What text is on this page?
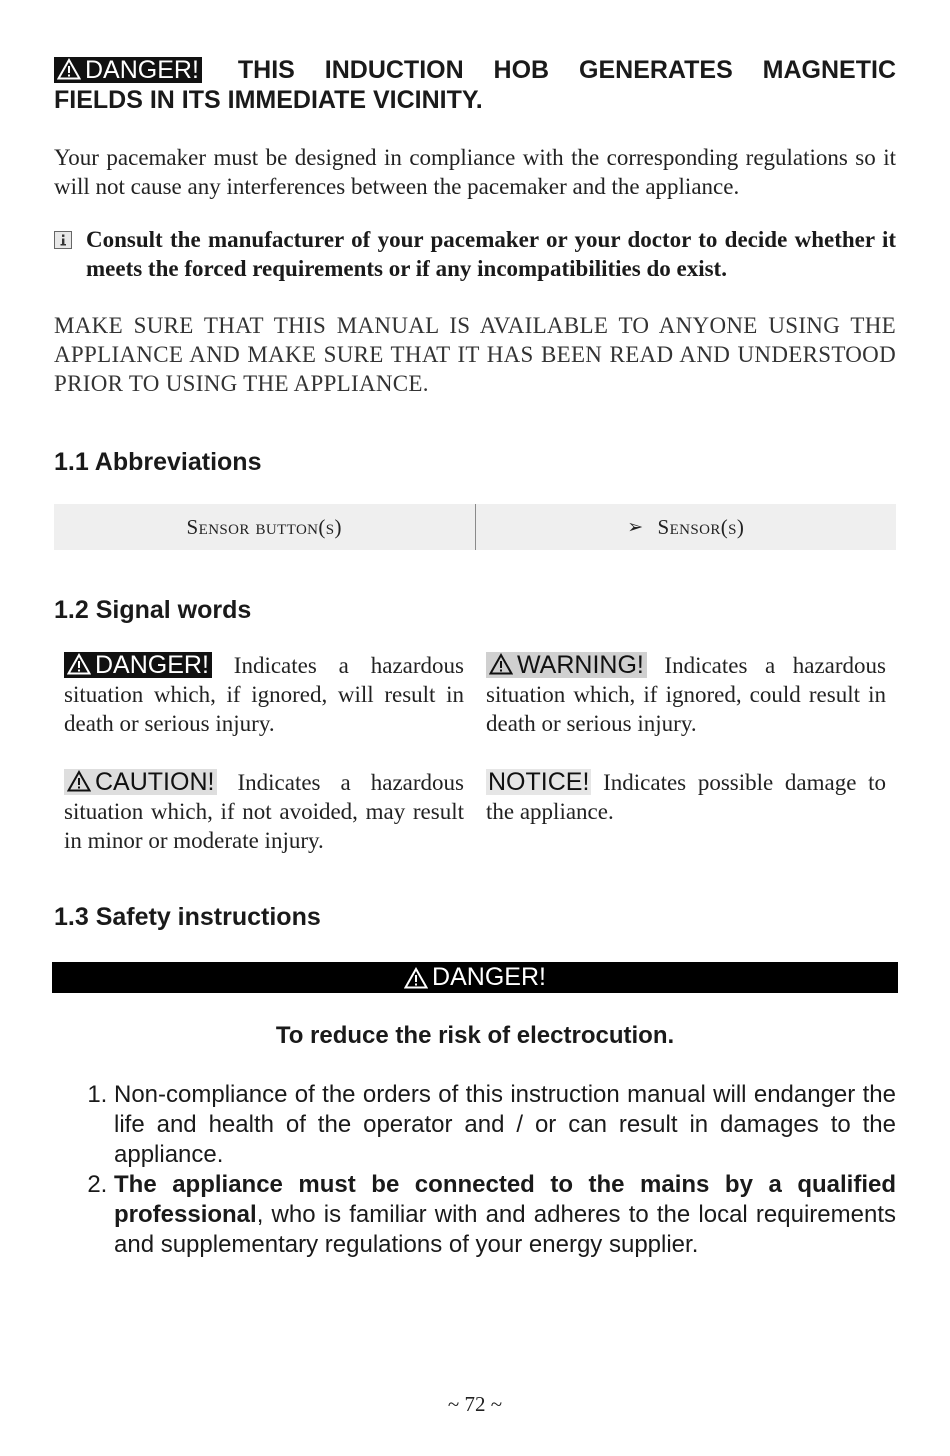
DANGER! THIS INDUCTION HOB GENERATES MAGNETIC FIELDS IN ITS IMMEDIATE VICINITY.
Your pacemaker must be designed in compliance with the corresponding regulations so it will not cause any interferences between the pacemaker and the appliance.
Consult the manufacturer of your pacemaker or your doctor to decide whether it meets the forced requirements or if any incompatibilities do exist.
MAKE SURE THAT THIS MANUAL IS AVAILABLE TO ANYONE USING THE APPLIANCE AND MAKE SURE THAT IT HAS BEEN READ AND UNDERSTOOD PRIOR TO USING THE APPLIANCE.
1.1 Abbreviations
Sensor button(s)	➢ Sensor(s)
1.2 Signal words
DANGER! Indicates a hazardous situation which, if ignored, will result in death or serious injury.
WARNING! Indicates a hazardous situation which, if ignored, could result in death or serious injury.
CAUTION! Indicates a hazardous situation which, if not avoided, may result in minor or moderate injury.
NOTICE! Indicates possible damage to the appliance.
1.3 Safety instructions
DANGER!
To reduce the risk of electrocution.
1. Non-compliance of the orders of this instruction manual will endanger the life and health of the operator and / or can result in damages to the appliance.
2. The appliance must be connected to the mains by a qualified professional, who is familiar with and adheres to the local requirements and supplementary regulations of your energy supplier.
~ 72 ~
